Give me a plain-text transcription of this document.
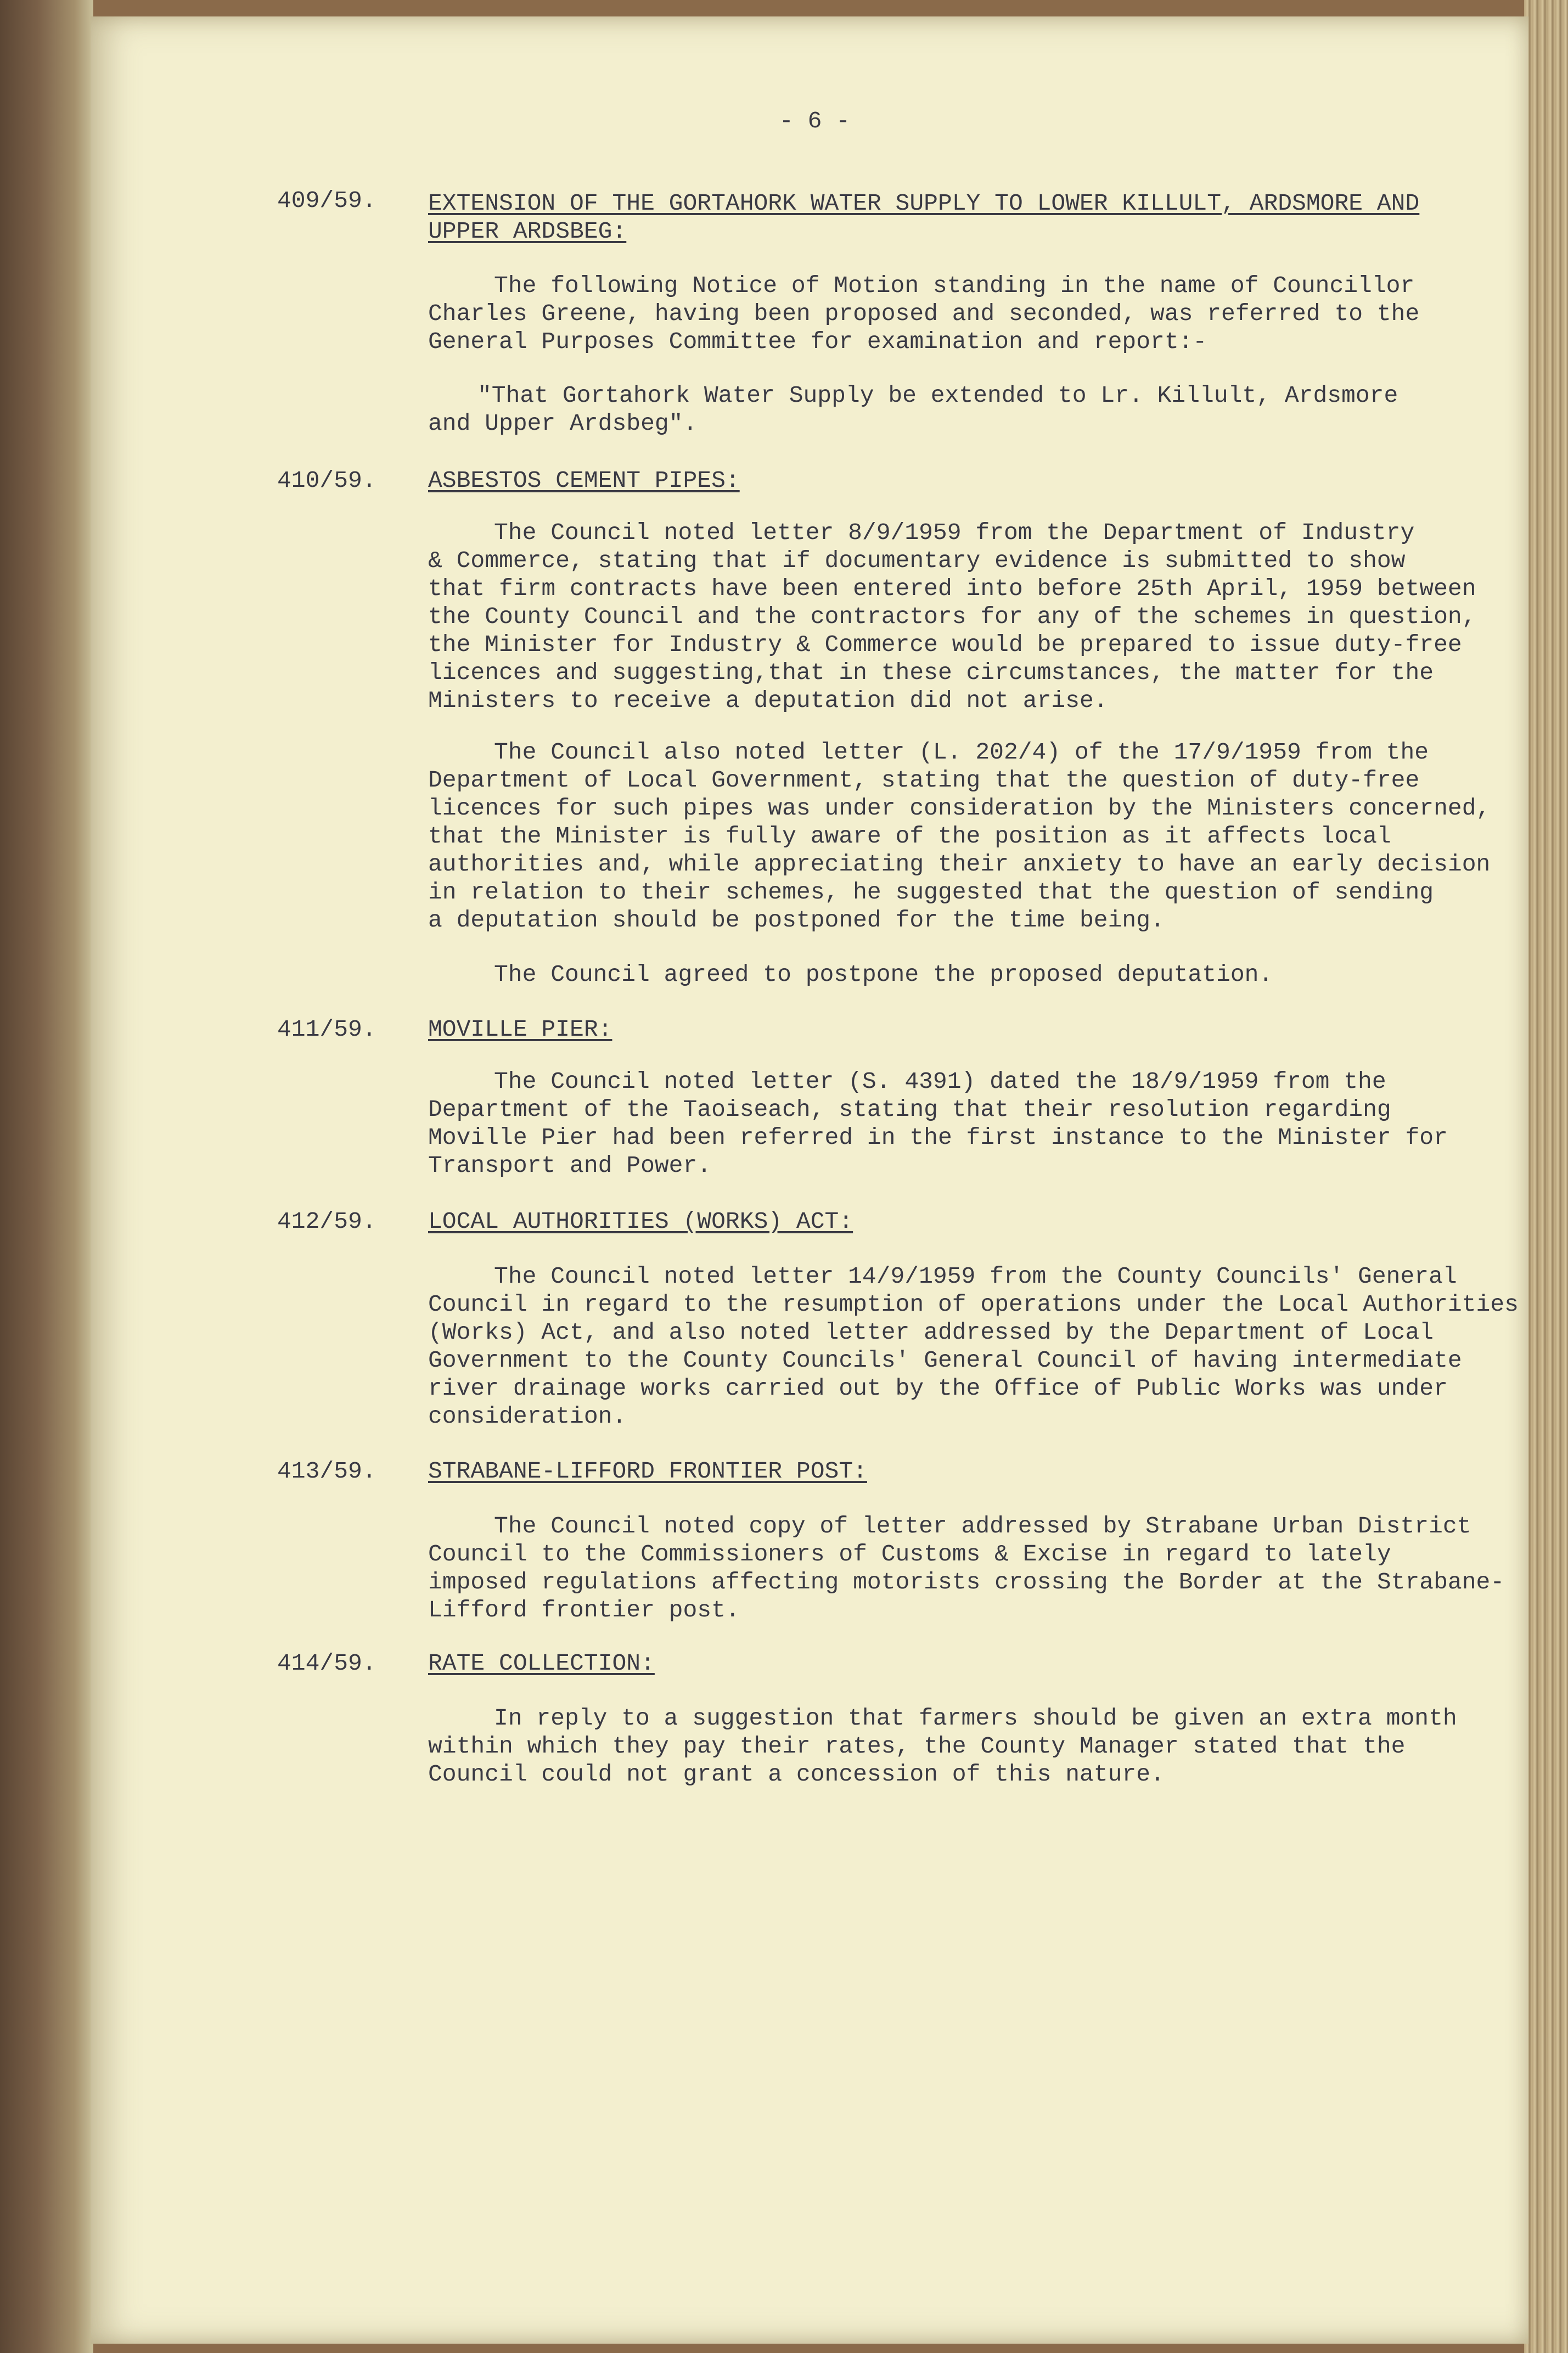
- 6 -
409/59. EXTENSION OF THE GORTAHORK WATER SUPPLY TO LOWER KILLULT, ARDSMORE AND
UPPER ARDSBEG:
The following Notice of Motion standing in the name of Councillor
Charles Greene, having been proposed and seconded, was referred to the
General Purposes Committee for examination and report:-
"That Gortahork Water Supply be extended to Lr. Killult, Ardsmore
and Upper Ardsbeg".
410/59. ASBESTOS CEMENT PIPES:
The Council noted letter 8/9/1959 from the Department of Industry
& Commerce, stating that if documentary evidence is submitted to show
that firm contracts have been entered into before 25th April, 1959 between
the County Council and the contractors for any of the schemes in question,
the Minister for Industry & Commerce would be prepared to issue duty-free
licences and suggesting,that in these circumstances, the matter for the
Ministers to receive a deputation did not arise.
The Council also noted letter (L. 202/4) of the 17/9/1959 from the
Department of Local Government, stating that the question of duty-free
licences for such pipes was under consideration by the Ministers concerned,
that the Minister is fully aware of the position as it affects local
authorities and, while appreciating their anxiety to have an early decision
in relation to their schemes, he suggested that the question of sending
a deputation should be postponed for the time being.
The Council agreed to postpone the proposed deputation.
411/59. MOVILLE PIER:
The Council noted letter (S. 4391) dated the 18/9/1959 from the
Department of the Taoiseach, stating that their resolution regarding
Moville Pier had been referred in the first instance to the Minister for
Transport and Power.
412/59. LOCAL AUTHORITIES (WORKS) ACT:
The Council noted letter 14/9/1959 from the County Councils' General
Council in regard to the resumption of operations under the Local Authorities
(Works) Act, and also noted letter addressed by the Department of Local
Government to the County Councils' General Council of having intermediate
river drainage works carried out by the Office of Public Works was under
consideration.
413/59. STRABANE-LIFFORD FRONTIER POST:
The Council noted copy of letter addressed by Strabane Urban District
Council to the Commissioners of Customs & Excise in regard to lately
imposed regulations affecting motorists crossing the Border at the Strabane-
Lifford frontier post.
414/59. RATE COLLECTION:
In reply to a suggestion that farmers should be given an extra month
within which they pay their rates, the County Manager stated that the
Council could not grant a concession of this nature.
